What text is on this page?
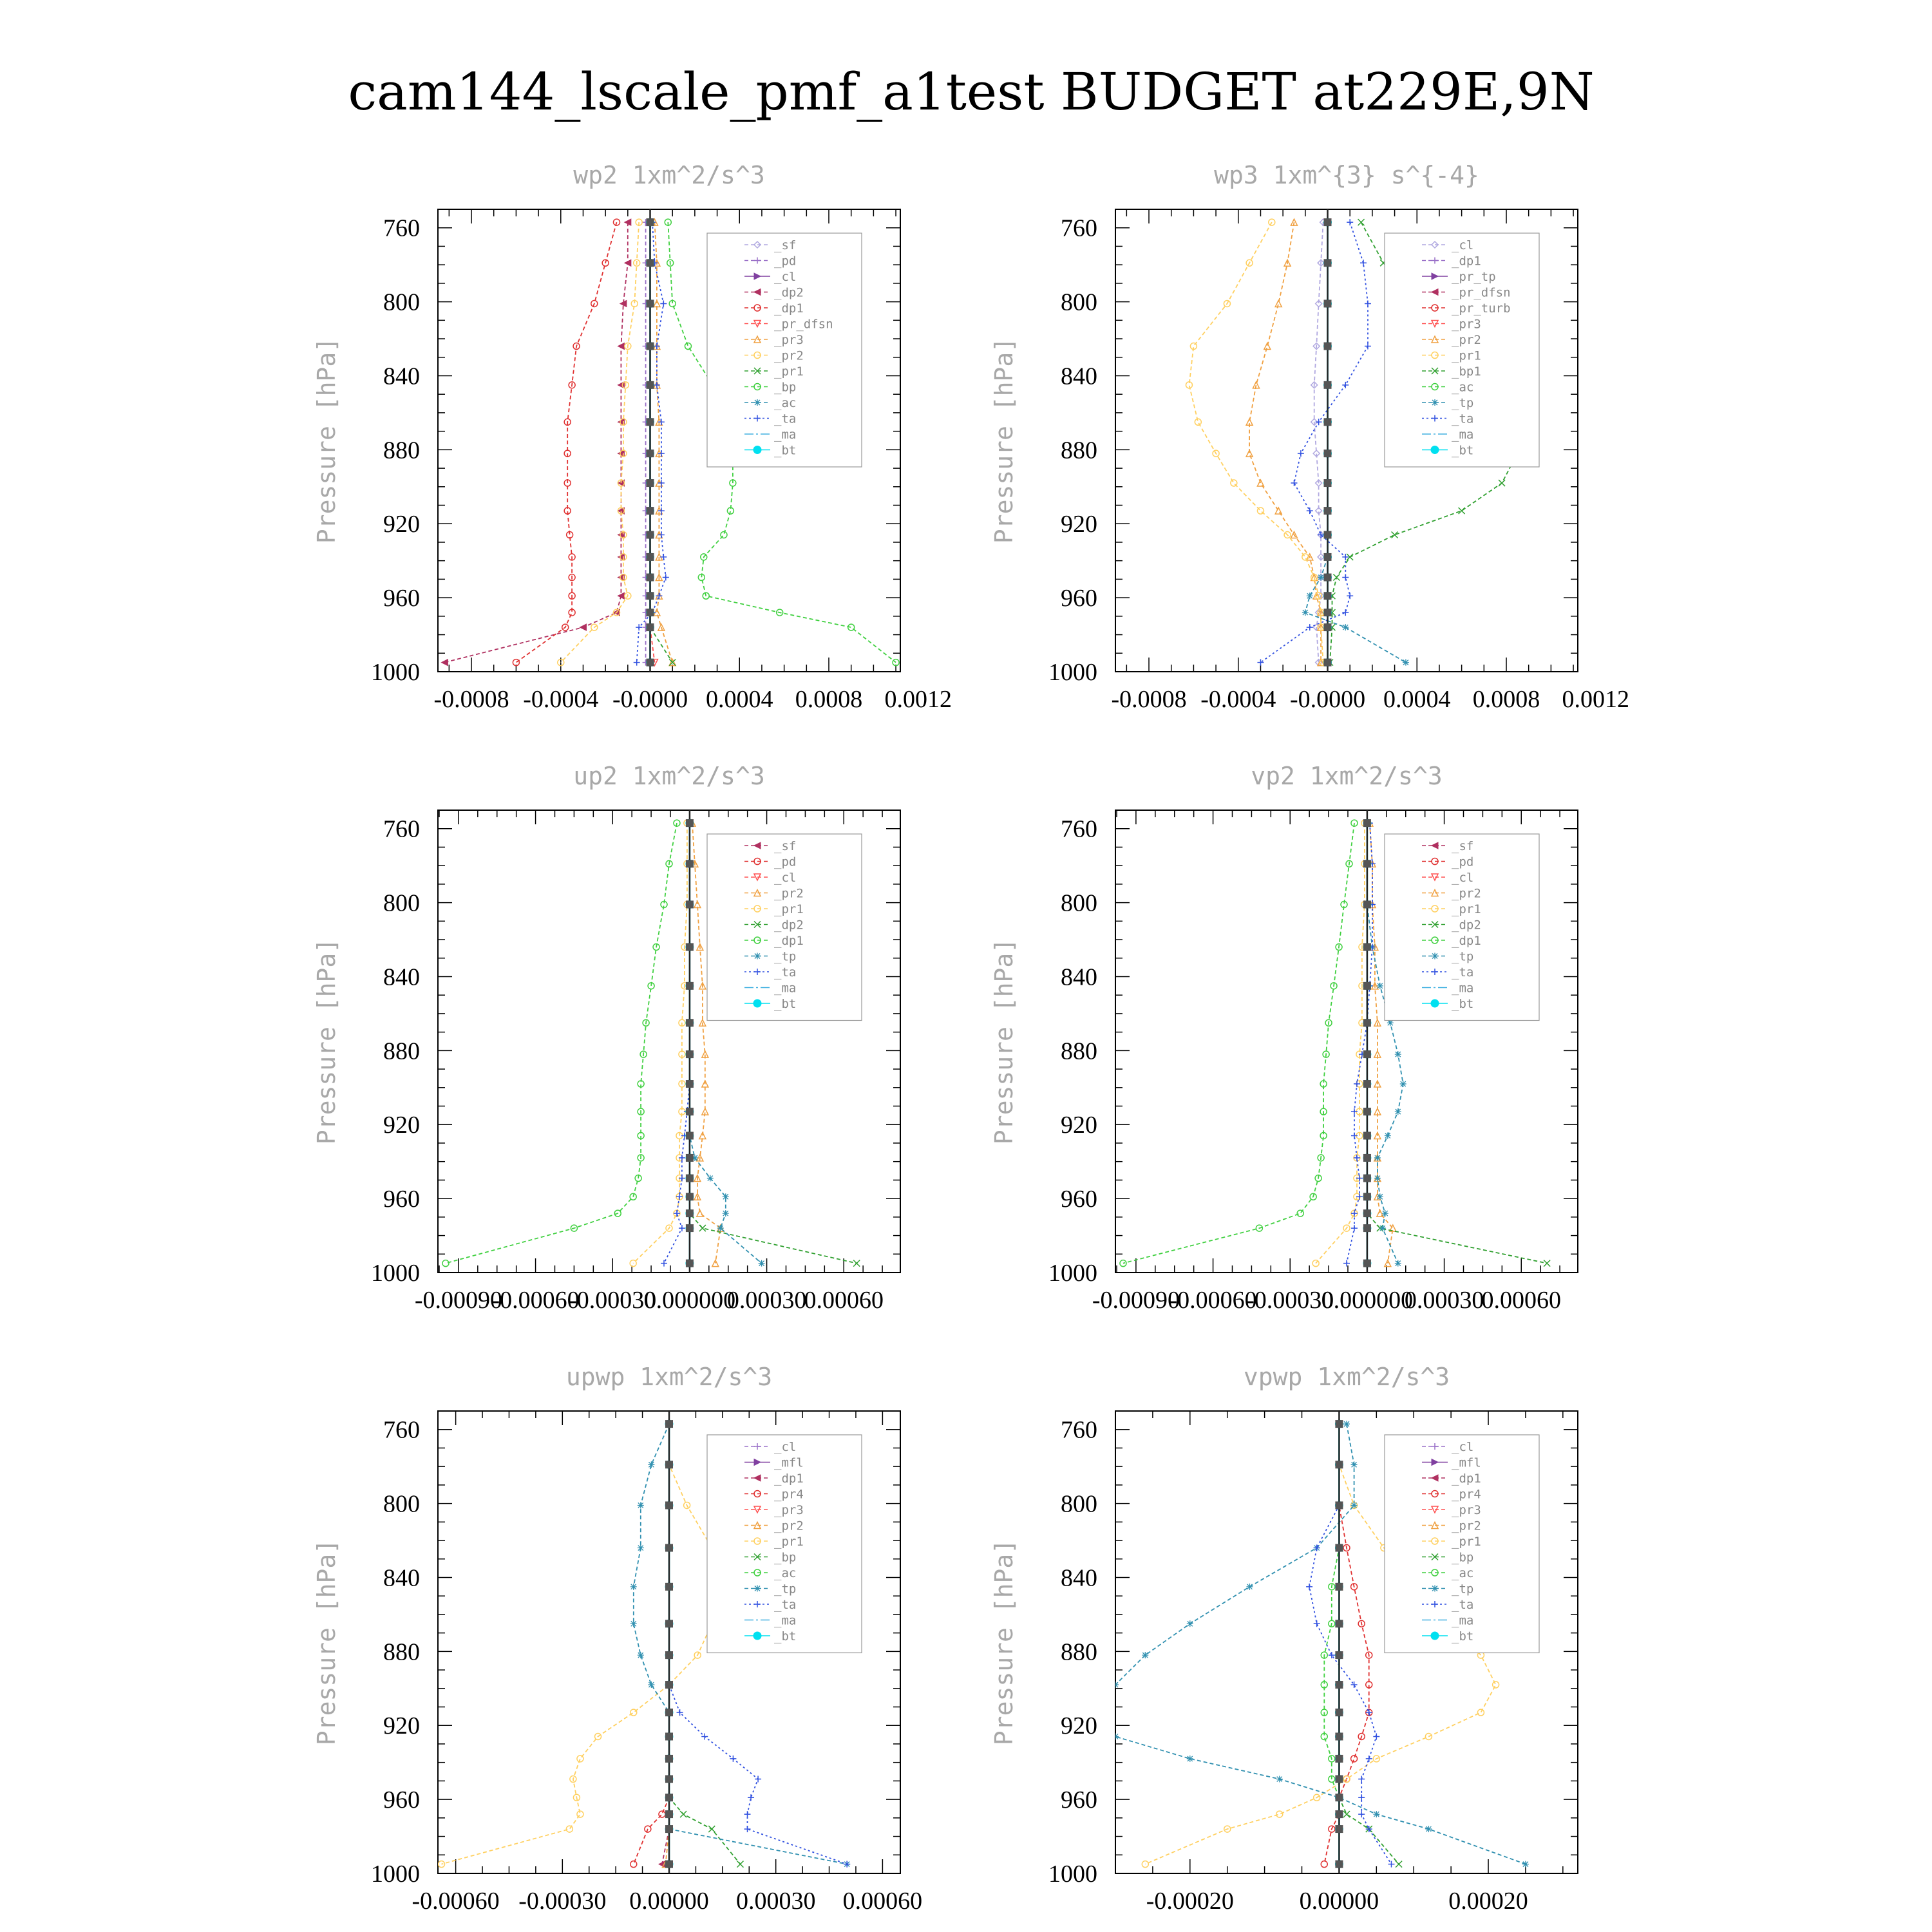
cam144_lscale_pmf_a1test BUDGET at229E,9N
wp2 1xm^2/s^3
Pressure [hPa]
760
800
840
880
920
960
1000
-0.0008 -0.0004 -0.0000 0.0004 0.0008 0.0012
_sf
_pd
_cl
_dp2
_dp1
_pr_dfsn
_pr3
_pr2
_pr1
_bp
_ac
_ta
_ma
_bt
wp3 1xm^{3} s^{-4}
Pressure [hPa]
760
800
840
880
920
960
1000
-0.0008 -0.0004 -0.0000 0.0004 0.0008 0.0012
_cl
_dp1
_pr_tp
_pr_dfsn
_pr_turb
_pr3
_pr2
_pr1
_bp1
_ac
_tp
_ta
_ma
_bt
up2 1xm^2/s^3
Pressure [hPa]
760
800
840
880
920
960
1000
-0.00090
-0.00060
-0.00030
0.000000
0.00030
0.00060
_sf
_pd
_cl
_pr2
_pr1
_dp2
_dp1
_tp
_ta
_ma
_bt
vp2 1xm^2/s^3
Pressure [hPa]
760
800
840
880
920
960
1000
-0.00090
-0.00060
-0.00030
0.000000
0.00030
0.00060
_sf
_pd
_cl
_pr2
_pr1
_dp2
_dp1
_tp
_ta
_ma
_bt
upwp 1xm^2/s^3
Pressure [hPa]
760
800
840
880
920
960
1000
-0.00060 -0.00030 0.00000 0.00030 0.00060
_cl
_mfl
_dp1
_pr4
_pr3
_pr2
_pr1
_bp
_ac
_tp
_ta
_ma
_bt
vpwp 1xm^2/s^3
Pressure [hPa]
760
800
840
880
920
960
1000
-0.00020	0.00000	0.00020
_cl
_mfl
_dp1
_pr4
_pr3
_pr2
_pr1
_bp
_ac
_tp
_ta
_ma
_bt
